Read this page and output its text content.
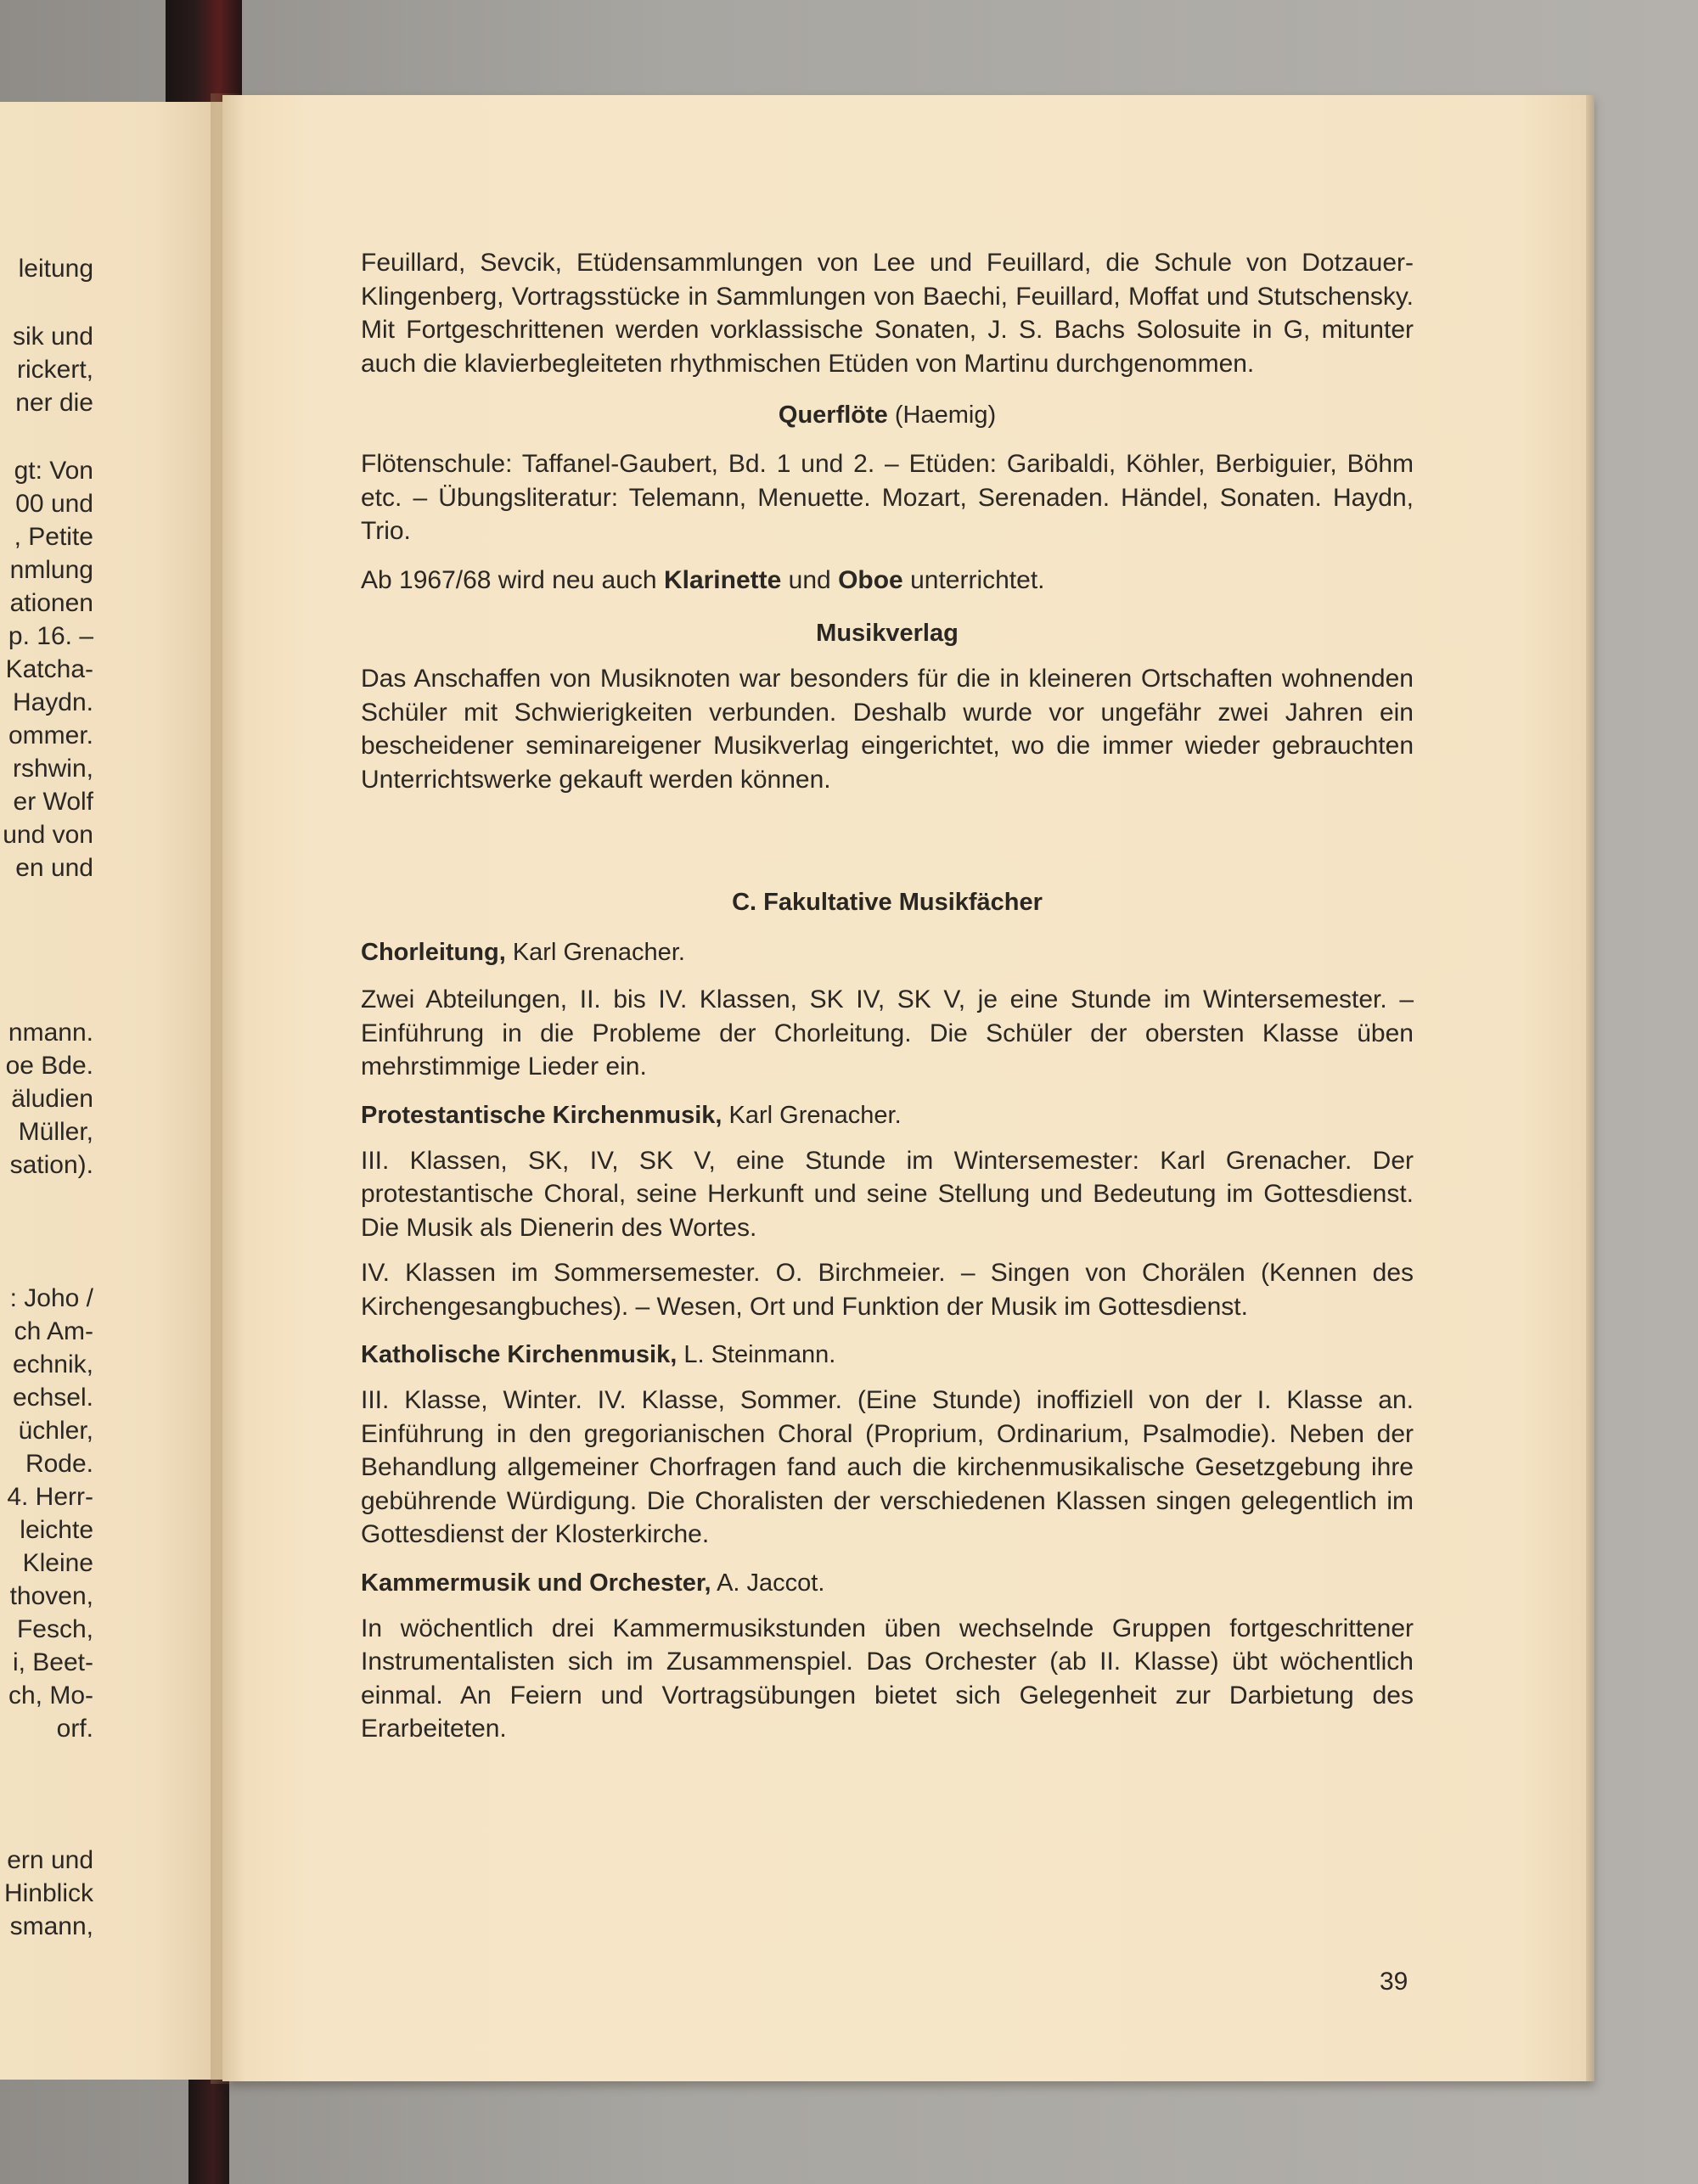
leitung
sik und
rickert,
ner die
gt: Von
00 und
, Petite
nmlung
ationen
p. 16. –
Katcha-
Haydn.
ommer.
rshwin,
er Wolf
und von
en und
nmann.
oe Bde.
äludien
Müller,
sation).
: Joho /
ch Am-
echnik,
echsel.
üchler,
Rode.
4. Herr-
leichte
Kleine
thoven,
Fesch,
i, Beet-
ch, Mo-
orf.
ern und
Hinblick
smann,

Feuillard, Sevcik, Etüdensammlungen von Lee und Feuillard, die Schule von Dotzauer-Klingenberg, Vortragsstücke in Sammlungen von Baechi, Feuillard, Moffat und Stutschensky. Mit Fortgeschrittenen werden vorklassische Sonaten, J. S. Bachs Solosuite in G, mitunter auch die klavierbegleiteten rhythmischen Etüden von Martinu durchgenommen.

Querflöte (Haemig)

Flötenschule: Taffanel-Gaubert, Bd. 1 und 2. – Etüden: Garibaldi, Köhler, Berbiguier, Böhm etc. – Übungsliteratur: Telemann, Menuette. Mozart, Serenaden. Händel, Sonaten. Haydn, Trio.

Ab 1967/68 wird neu auch Klarinette und Oboe unterrichtet.

Musikverlag

Das Anschaffen von Musiknoten war besonders für die in kleineren Ortschaften wohnenden Schüler mit Schwierigkeiten verbunden. Deshalb wurde vor ungefähr zwei Jahren ein bescheidener seminareigener Musikverlag eingerichtet, wo die immer wieder gebrauchten Unterrichtswerke gekauft werden können.

C. Fakultative Musikfächer

Chorleitung, Karl Grenacher.

Zwei Abteilungen, II. bis IV. Klassen, SK IV, SK V, je eine Stunde im Wintersemester. – Einführung in die Probleme der Chorleitung. Die Schüler der obersten Klasse üben mehrstimmige Lieder ein.

Protestantische Kirchenmusik, Karl Grenacher.

III. Klassen, SK, IV, SK V, eine Stunde im Wintersemester: Karl Grenacher. Der protestantische Choral, seine Herkunft und seine Stellung und Bedeutung im Gottesdienst. Die Musik als Dienerin des Wortes.

IV. Klassen im Sommersemester. O. Birchmeier. – Singen von Chorälen (Kennen des Kirchengesangbuches). – Wesen, Ort und Funktion der Musik im Gottesdienst.

Katholische Kirchenmusik, L. Steinmann.

III. Klasse, Winter. IV. Klasse, Sommer. (Eine Stunde) inoffiziell von der I. Klasse an. Einführung in den gregorianischen Choral (Proprium, Ordinarium, Psalmodie). Neben der Behandlung allgemeiner Chorfragen fand auch die kirchenmusikalische Gesetzgebung ihre gebührende Würdigung. Die Choralisten der verschiedenen Klassen singen gelegentlich im Gottesdienst der Klosterkirche.

Kammermusik und Orchester, A. Jaccot.

In wöchentlich drei Kammermusikstunden üben wechselnde Gruppen fortgeschrittener Instrumentalisten sich im Zusammenspiel. Das Orchester (ab II. Klasse) übt wöchentlich einmal. An Feiern und Vortragsübungen bietet sich Gelegenheit zur Darbietung des Erarbeiteten.

39
